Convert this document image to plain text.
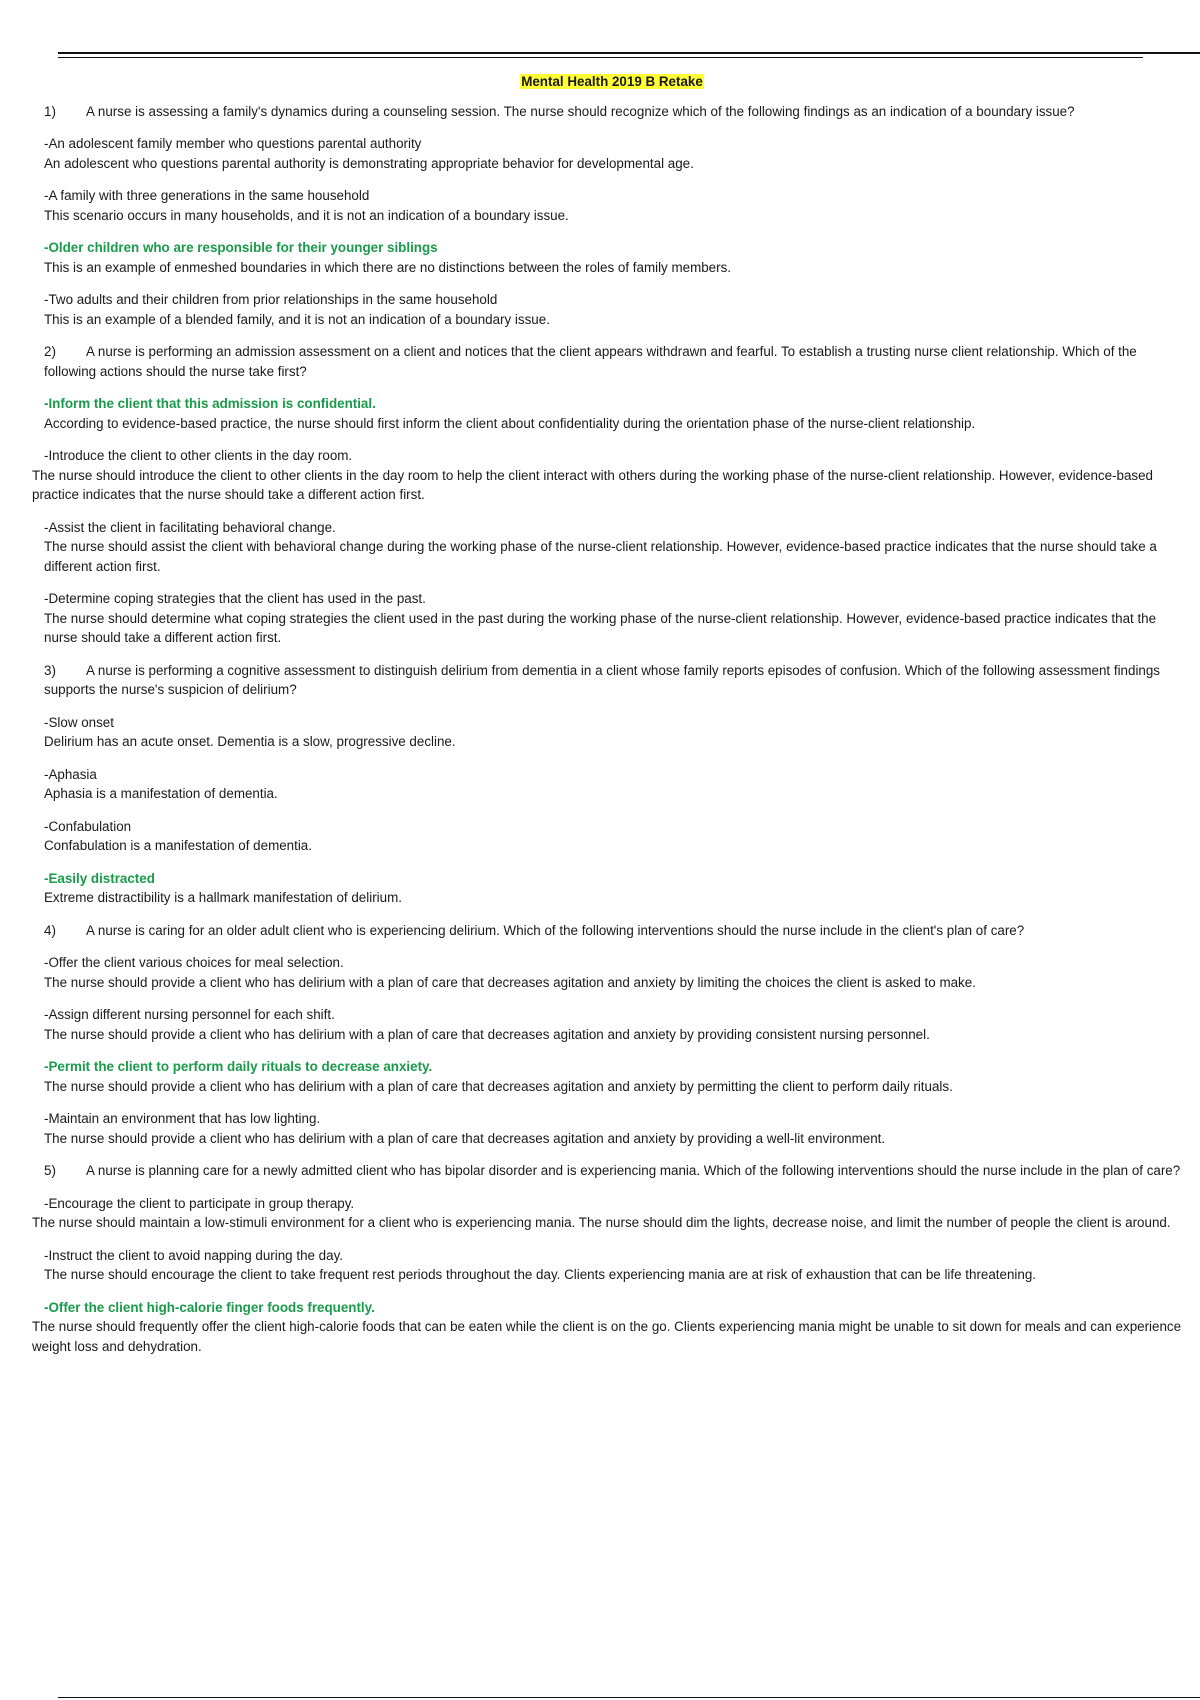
Mental Health 2019 B Retake
1) A nurse is assessing a family's dynamics during a counseling session. The nurse should recognize which of the following findings as an indication of a boundary issue?
-An adolescent family member who questions parental authority
An adolescent who questions parental authority is demonstrating appropriate behavior for developmental age.
-A family with three generations in the same household
This scenario occurs in many households, and it is not an indication of a boundary issue.
-Older children who are responsible for their younger siblings
This is an example of enmeshed boundaries in which there are no distinctions between the roles of family members.
-Two adults and their children from prior relationships in the same household
This is an example of a blended family, and it is not an indication of a boundary issue.
2) A nurse is performing an admission assessment on a client and notices that the client appears withdrawn and fearful. To establish a trusting nurse client relationship. Which of the following actions should the nurse take first?
-Inform the client that this admission is confidential.
According to evidence-based practice, the nurse should first inform the client about confidentiality during the orientation phase of the nurse-client relationship.
-Introduce the client to other clients in the day room.
The nurse should introduce the client to other clients in the day room to help the client interact with others during the working phase of the nurse-client relationship. However, evidence-based practice indicates that the nurse should take a different action first.
-Assist the client in facilitating behavioral change.
The nurse should assist the client with behavioral change during the working phase of the nurse-client relationship. However, evidence-based practice indicates that the nurse should take a different action first.
-Determine coping strategies that the client has used in the past.
The nurse should determine what coping strategies the client used in the past during the working phase of the nurse-client relationship. However, evidence-based practice indicates that the nurse should take a different action first.
3) A nurse is performing a cognitive assessment to distinguish delirium from dementia in a client whose family reports episodes of confusion. Which of the following assessment findings supports the nurse's suspicion of delirium?
-Slow onset
Delirium has an acute onset. Dementia is a slow, progressive decline.
-Aphasia
Aphasia is a manifestation of dementia.
-Confabulation
Confabulation is a manifestation of dementia.
-Easily distracted
Extreme distractibility is a hallmark manifestation of delirium.
4) A nurse is caring for an older adult client who is experiencing delirium. Which of the following interventions should the nurse include in the client's plan of care?
-Offer the client various choices for meal selection.
The nurse should provide a client who has delirium with a plan of care that decreases agitation and anxiety by limiting the choices the client is asked to make.
-Assign different nursing personnel for each shift.
The nurse should provide a client who has delirium with a plan of care that decreases agitation and anxiety by providing consistent nursing personnel.
-Permit the client to perform daily rituals to decrease anxiety.
The nurse should provide a client who has delirium with a plan of care that decreases agitation and anxiety by permitting the client to perform daily rituals.
-Maintain an environment that has low lighting.
The nurse should provide a client who has delirium with a plan of care that decreases agitation and anxiety by providing a well-lit environment.
5) A nurse is planning care for a newly admitted client who has bipolar disorder and is experiencing mania. Which of the following interventions should the nurse include in the plan of care?
-Encourage the client to participate in group therapy.
The nurse should maintain a low-stimuli environment for a client who is experiencing mania. The nurse should dim the lights, decrease noise, and limit the number of people the client is around.
-Instruct the client to avoid napping during the day.
The nurse should encourage the client to take frequent rest periods throughout the day. Clients experiencing mania are at risk of exhaustion that can be life threatening.
-Offer the client high-calorie finger foods frequently.
The nurse should frequently offer the client high-calorie foods that can be eaten while the client is on the go. Clients experiencing mania might be unable to sit down for meals and can experience weight loss and dehydration.
